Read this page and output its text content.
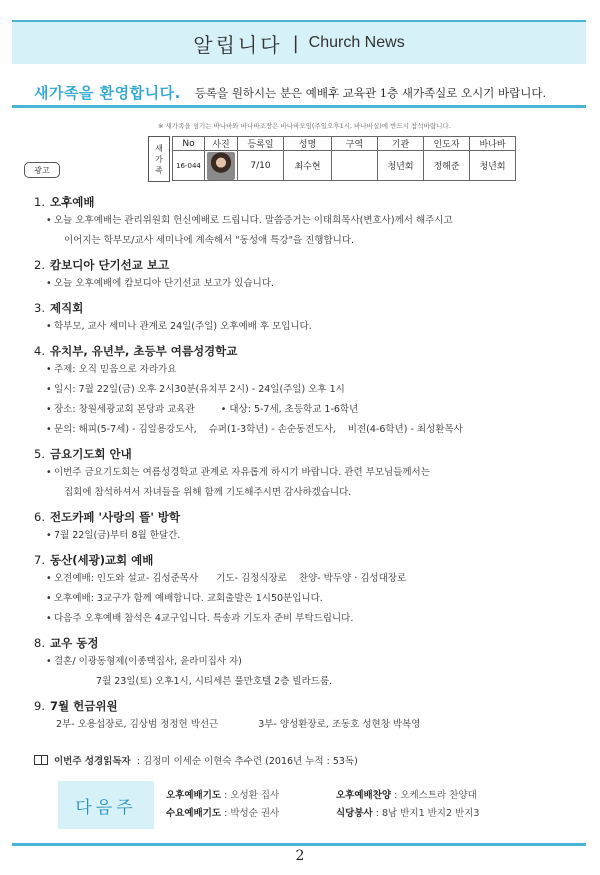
알립니다 | Church News
새가족을 환영합니다. 등록을 원하시는 분은 예배후 교육관 1층 새가족실로 오시기 바랍니다.
※ 새가족을 섬기는 바나바와 바나바조장은 바나바모임(주일오후1시, 바나바실)에 반드시 참석바랍니다.
새
가
족
No	사진	등록일	성명	구역	기관	인도자	바나바
16-044		7/10	최수현		청년회	정해준	청년회
광고
1. 오후예배
• 오늘 오후예배는 관리위원회 헌신예배로 드립니다. 말씀증거는 이태희목사(변호사)께서 해주시고
이어지는 학부모/교사 세미나에 계속해서 "동성애 특강"을 진행합니다.
2. 캄보디아 단기선교 보고
• 오늘 오후예배에 캄보디아 단기선교 보고가 있습니다.
3. 제직회
• 학부모, 교사 세미나 관계로 24일(주일) 오후예배 후 모입니다.
4. 유치부, 유년부, 초등부 여름성경학교
• 주제: 오직 믿음으로 자라가요
• 일시: 7월 22일(금) 오후 2시30분(유치부 2시) - 24일(주일) 오후 1시
• 장소: 창원세광교회 본당과 교육관	• 대상: 5-7세, 초등학교 1-6학년
• 문의: 해피(5-7세) - 김일용강도사, 슈퍼(1-3학년) - 손순동전도사, 비전(4-6학년) - 최성환목사
5. 금요기도회 안내
• 이번주 금요기도회는 여름성경학교 관계로 자유롭게 하시기 바랍니다. 관련 부모님들께서는
집회에 참석하셔서 자녀들을 위해 함께 기도해주시면 감사하겠습니다.
6. 전도카페 '사랑의 뜰' 방학
• 7월 22일(금)부터 8월 한달간.
7. 동산(세광)교회 예배
• 오전예배: 인도와 설교- 김성준목사 기도- 김정식장로 찬양- 박두양 · 김성대장로
• 오후예배: 3교구가 함께 예배합니다. 교회출발은 1시50분입니다.
• 다음주 오후예배 참석은 4교구입니다. 특송과 기도자 준비 부탁드립니다.
8. 교우 동정
• 결혼/ 이광동형제(이종택집사, 윤라미집사 자)
7월 23일(토) 오후1시, 시티세븐 풀만호텔 2층 빌라드룸.
9. 7월 헌금위원
2부- 오용섭장로, 김상범 정정헌 박선근	3부- 양성환장로, 조동호 성현창 박복영
이번주 성경읽독자 : 김정미 이세순 이현숙 추수련 (2016년 누적 : 53독)
다음주
오후예배기도 : 오성환 집사
수요예배기도 : 박성순 권사
오후예배찬양 : 오케스트라 찬양대
식당봉사 : 8남 반지1 반지2 반지3
2
